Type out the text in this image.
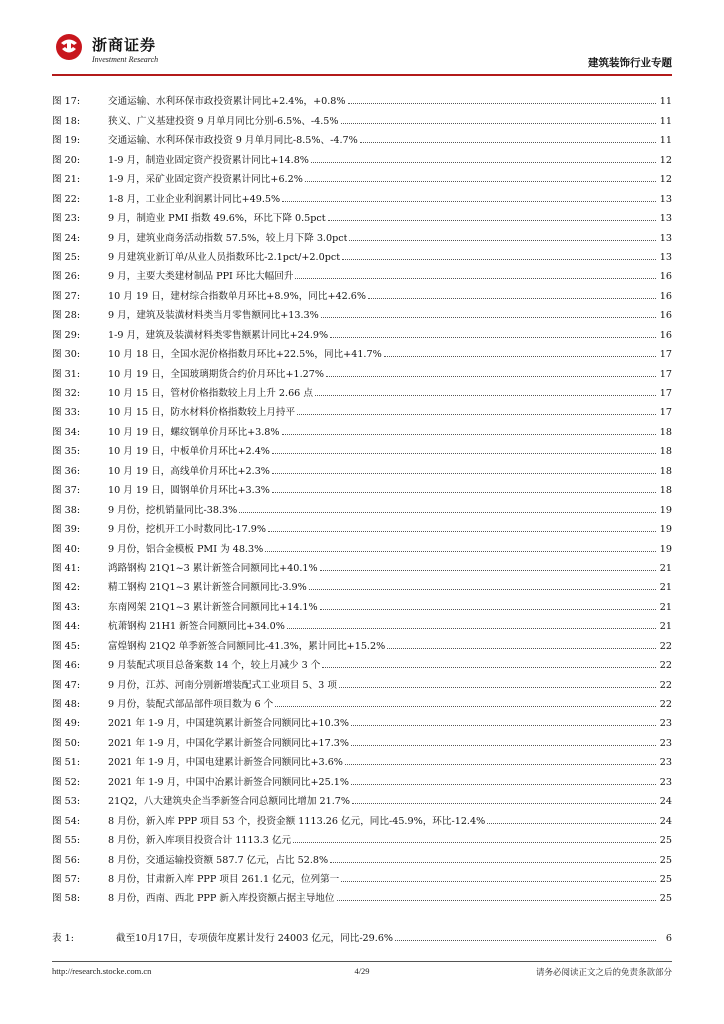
浙商证券
Investment Research	建筑装饰行业专题
图 17:	交通运输、水利环保市政投资累计同比+2.4%，+0.8%	11
图 18:	狭义、广义基建投资 9 月单月同比分别-6.5%、-4.5%	11
图 19:	交通运输、水利环保市政投资 9 月单月同比-8.5%、-4.7%	11
图 20:	1-9 月，制造业固定资产投资累计同比+14.8%	12
图 21:	1-9 月，采矿业固定资产投资累计同比+6.2%	12
图 22:	1-8 月，工业企业利润累计同比+49.5%	13
图 23:	9 月，制造业 PMI 指数 49.6%，环比下降 0.5pct	13
图 24:	9 月，建筑业商务活动指数 57.5%，较上月下降 3.0pct	13
图 25:	9 月建筑业新订单/从业人员指数环比-2.1pct/+2.0pct	13
图 26:	9 月，主要大类建材制品 PPI 环比大幅回升	16
图 27:	10 月 19 日，建材综合指数单月环比+8.9%，同比+42.6%	16
图 28:	9 月，建筑及装潢材料类当月零售额同比+13.3%	16
图 29:	1-9 月，建筑及装潢材料类零售额累计同比+24.9%	16
图 30:	10 月 18 日，全国水泥价格指数月环比+22.5%，同比+41.7%	17
图 31:	10 月 19 日，全国玻璃期货合约价月环比+1.27%	17
图 32:	10 月 15 日，管材价格指数较上月上升 2.66 点	17
图 33:	10 月 15 日，防水材料价格指数较上月持平	17
图 34:	10 月 19 日，螺纹钢单价月环比+3.8%	18
图 35:	10 月 19 日，中板单价月环比+2.4%	18
图 36:	10 月 19 日，高线单价月环比+2.3%	18
图 37:	10 月 19 日，圆钢单价月环比+3.3%	18
图 38:	9 月份，挖机销量同比-38.3%	19
图 39:	9 月份，挖机开工小时数同比-17.9%	19
图 40:	9 月份，铝合金模板 PMI 为 48.3%	19
图 41:	鸿路钢构 21Q1~3 累计新签合同额同比+40.1%	21
图 42:	精工钢构 21Q1~3 累计新签合同额同比-3.9%	21
图 43:	东南网架 21Q1~3 累计新签合同额同比+14.1%	21
图 44:	杭萧钢构 21H1 新签合同额同比+34.0%	21
图 45:	富煌钢构 21Q2 单季新签合同额同比-41.3%，累计同比+15.2%	22
图 46:	9 月装配式项目总备案数 14 个，较上月减少 3 个	22
图 47:	9 月份，江苏、河南分别新增装配式工业项目 5、3 项	22
图 48:	9 月份，装配式部品部件项目数为 6 个	22
图 49:	2021 年 1-9 月，中国建筑累计新签合同额同比+10.3%	23
图 50:	2021 年 1-9 月，中国化学累计新签合同额同比+17.3%	23
图 51:	2021 年 1-9 月，中国电建累计新签合同额同比+3.6%	23
图 52:	2021 年 1-9 月，中国中冶累计新签合同额同比+25.1%	23
图 53:	21Q2，八大建筑央企当季新签合同总额同比增加 21.7%	24
图 54:	8 月份，新入库 PPP 项目 53 个，投资金额 1113.26 亿元，同比-45.9%，环比-12.4%	24
图 55:	8 月份，新入库项目投资合计 1113.3 亿元	25
图 56:	8 月份，交通运输投资额 587.7 亿元，占比 52.8%	25
图 57:	8 月份，甘肃新入库 PPP 项目 261.1 亿元，位列第一	25
图 58:	8 月份，西南、西北 PPP 新入库投资额占据主导地位	25
表 1:	截至10月17日，专项债年度累计发行 24003 亿元，同比-29.6%	6
http://research.stocke.com.cn	4/29	请务必阅读正文之后的免责条款部分
